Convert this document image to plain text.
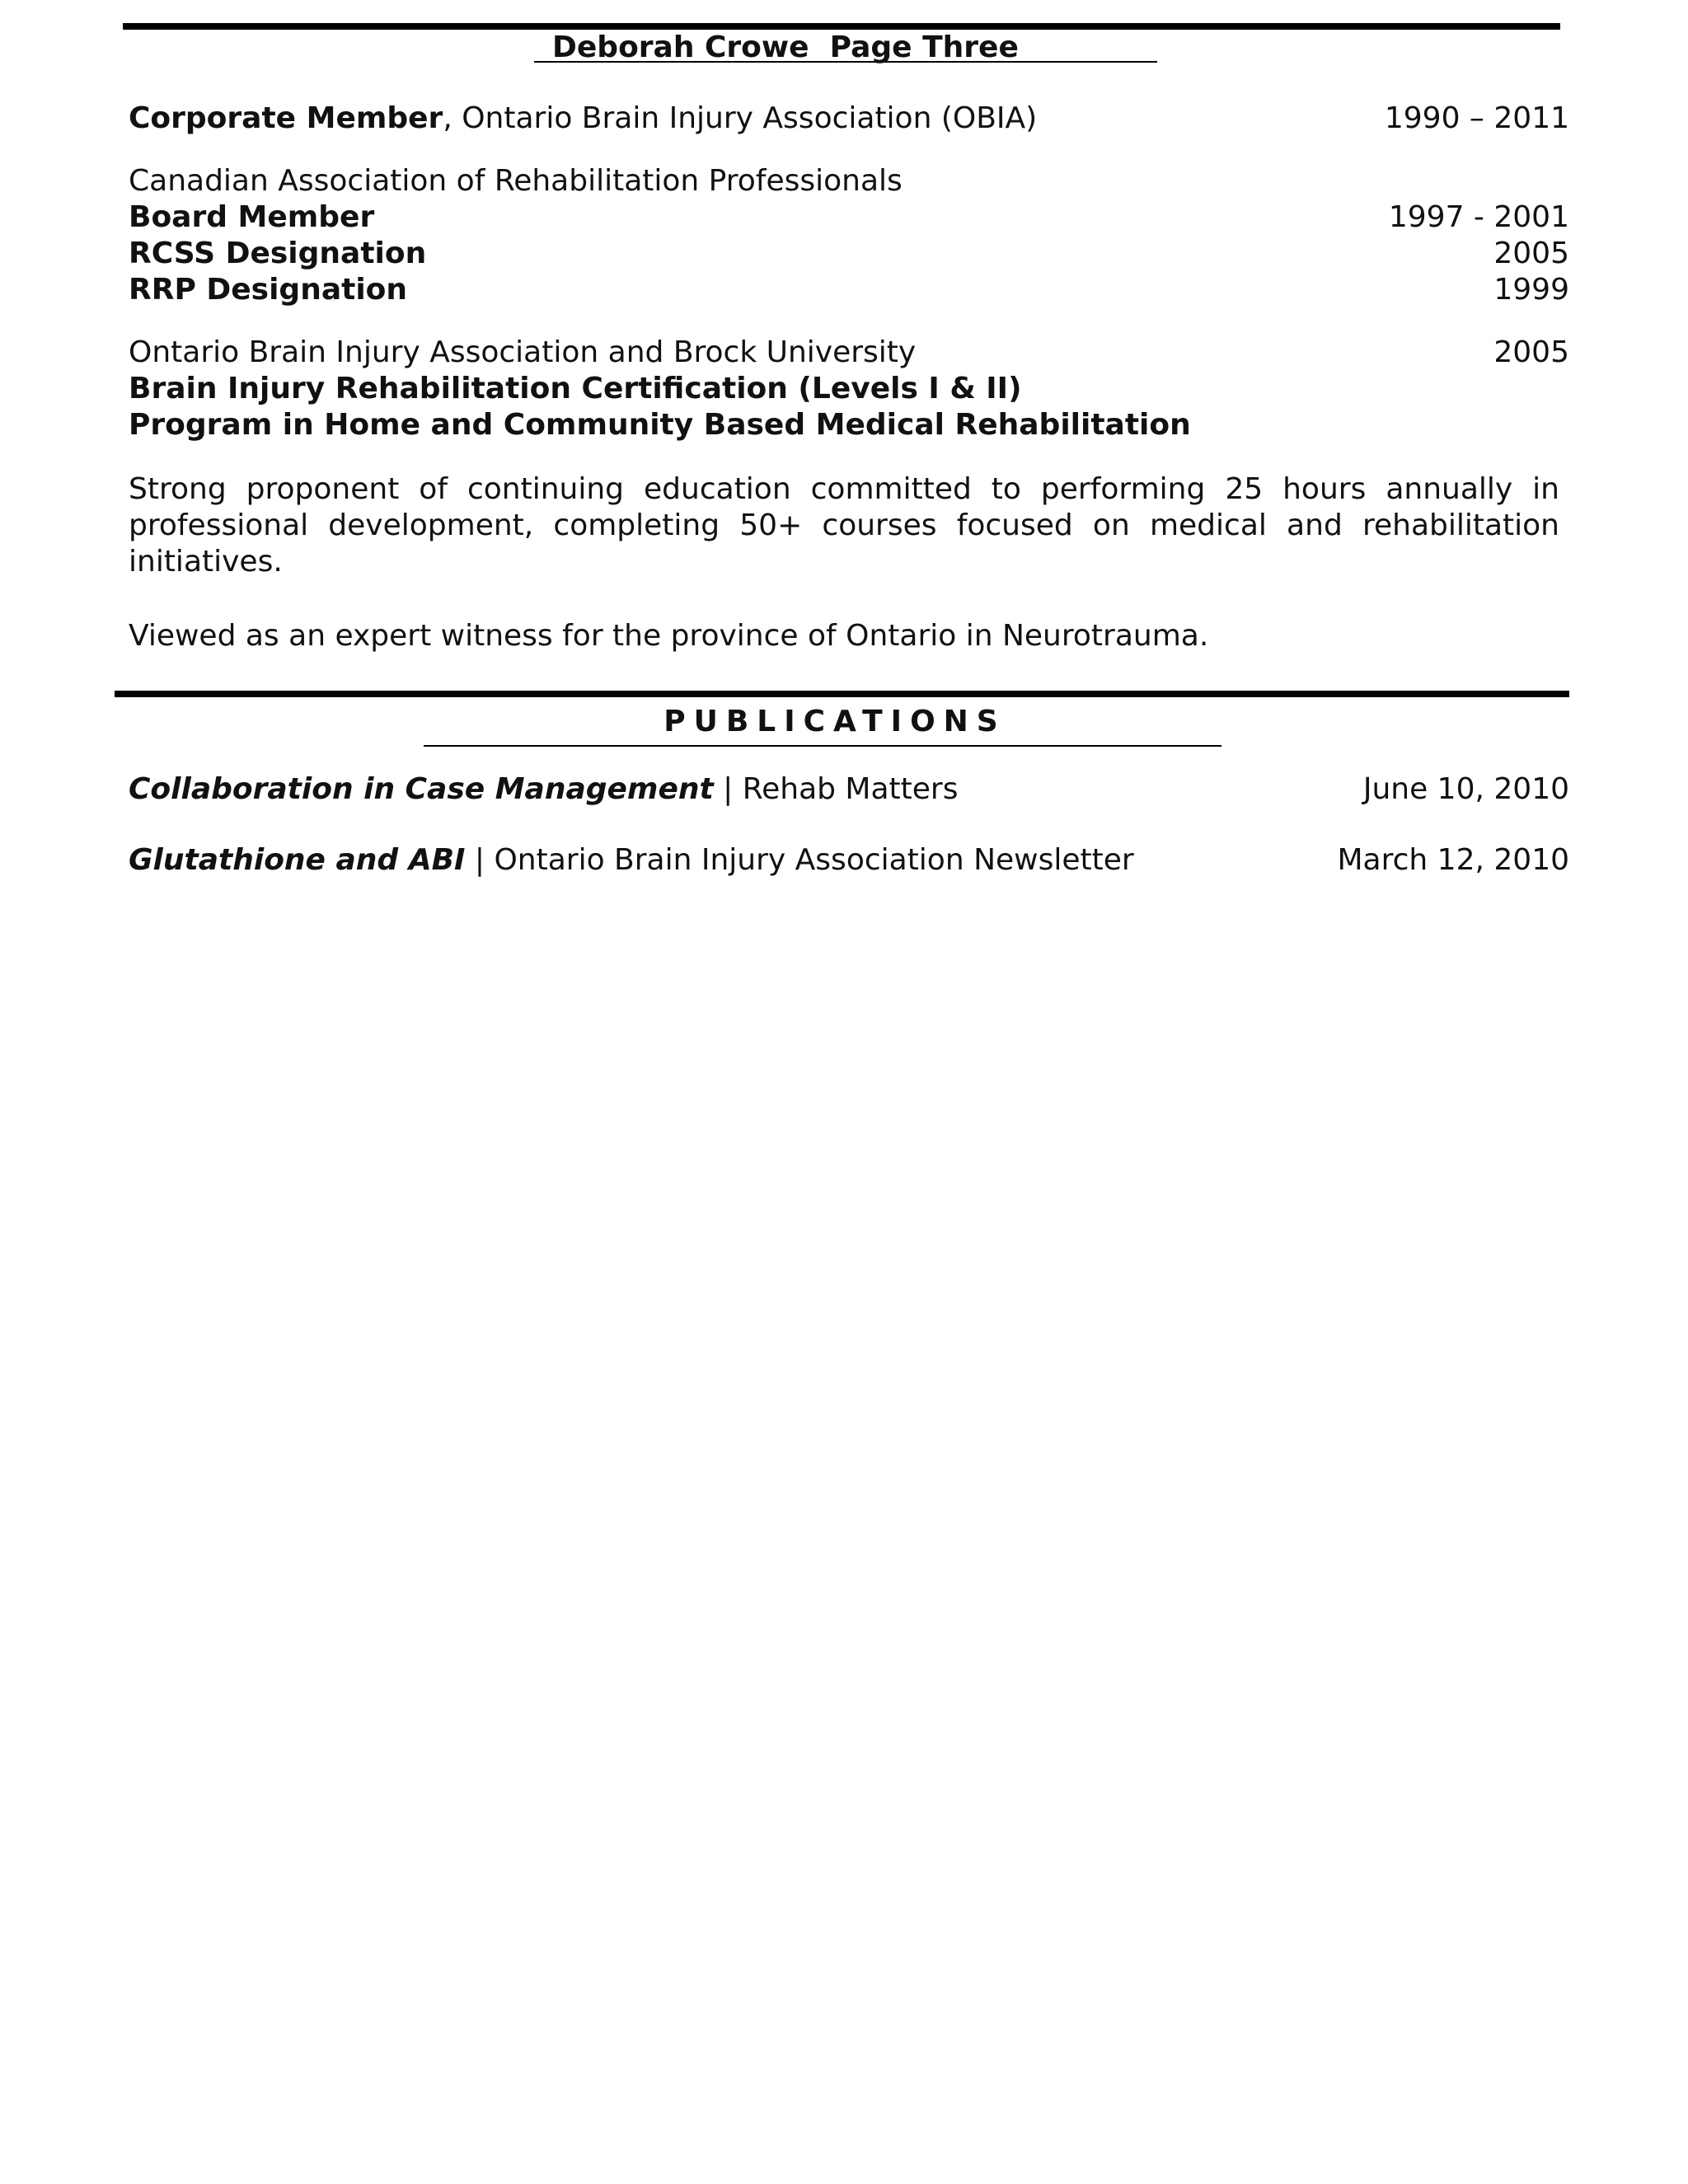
Deborah Crowe  Page Three
Corporate Member, Ontario Brain Injury Association (OBIA)	1990 – 2011
Canadian Association of Rehabilitation Professionals
Board Member	1997 - 2001
RCSS Designation	2005
RRP Designation	1999
Ontario Brain Injury Association and Brock University	2005
Brain Injury Rehabilitation Certification (Levels I & II)
Program in Home and Community Based Medical Rehabilitation
Strong proponent of continuing education committed to performing 25 hours annually in professional development, completing 50+ courses focused on medical and rehabilitation initiatives.
Viewed as an expert witness for the province of Ontario in Neurotrauma.
PUBLICATIONS
Collaboration in Case Management | Rehab Matters	June 10, 2010
Glutathione and ABI | Ontario Brain Injury Association Newsletter	March 12, 2010
